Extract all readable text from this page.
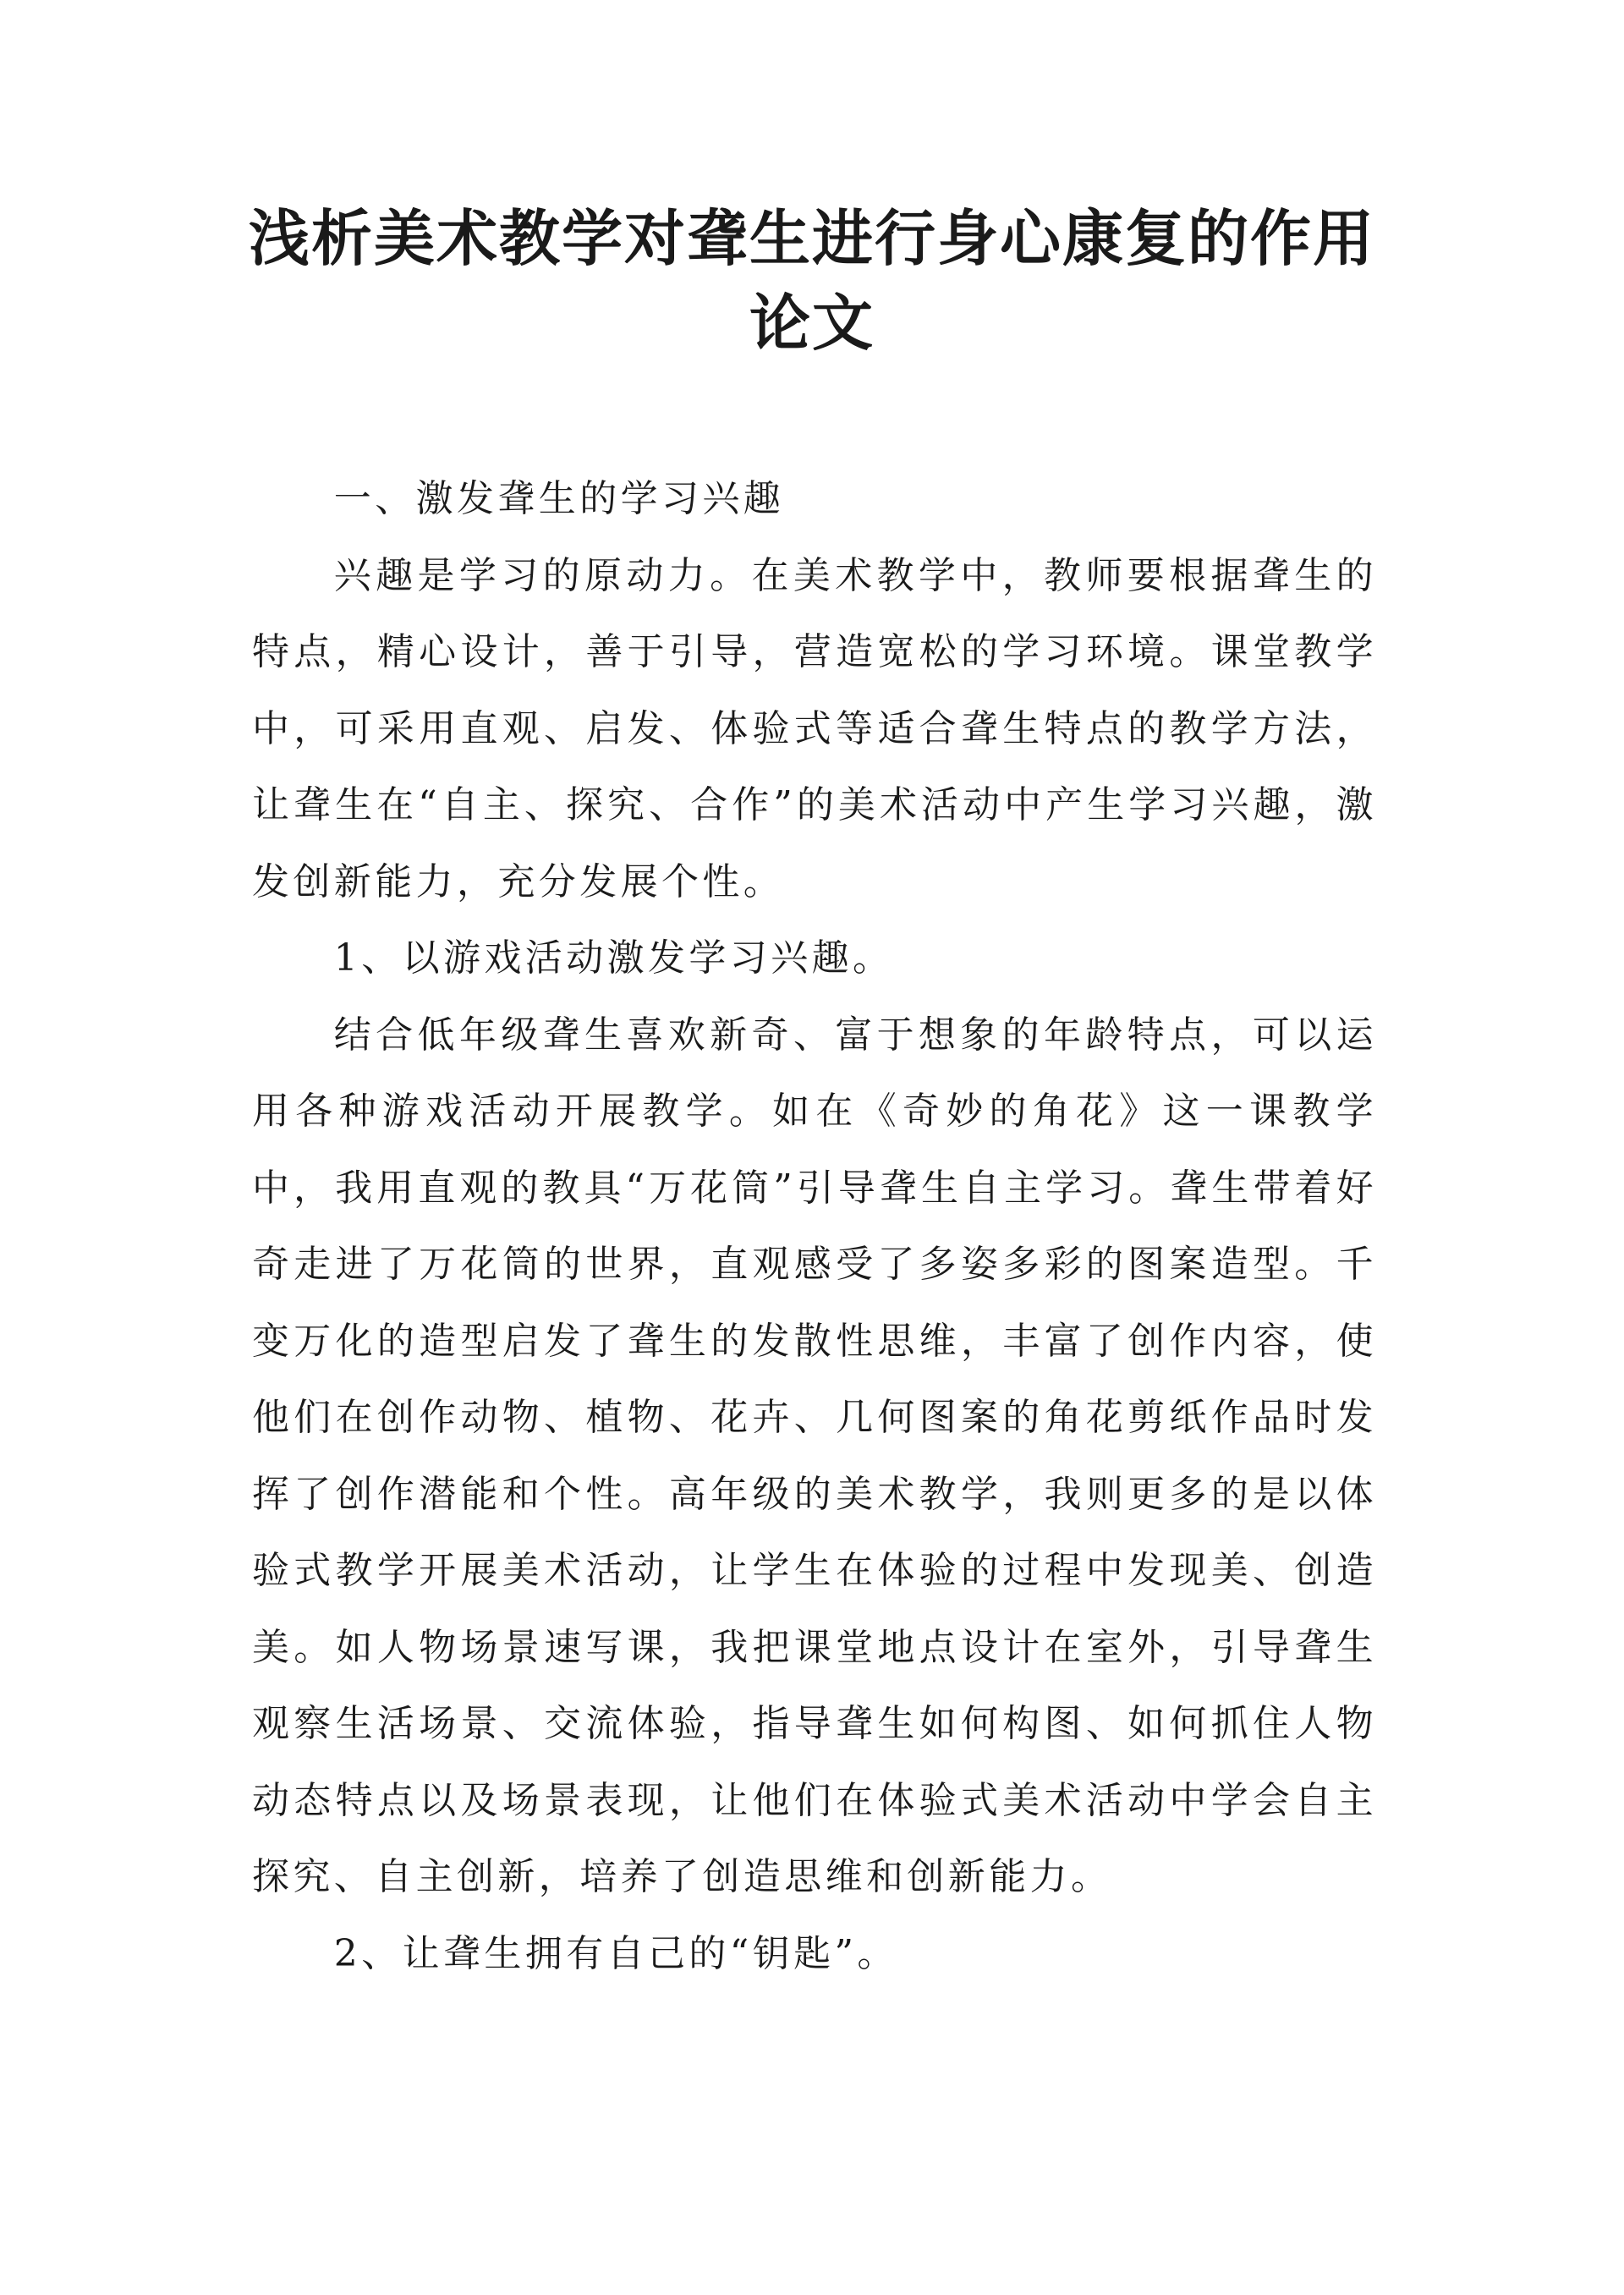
浅析美术教学对聋生进行身心康复的作用
论文

一、激发聋生的学习兴趣

兴趣是学习的原动力。在美术教学中，教师要根据聋生的特点，精心设计，善于引导，营造宽松的学习环境。课堂教学中，可采用直观、启发、体验式等适合聋生特点的教学方法，让聋生在“自主、探究、合作”的美术活动中产生学习兴趣，激发创新能力，充分发展个性。

1、以游戏活动激发学习兴趣。

结合低年级聋生喜欢新奇、富于想象的年龄特点，可以运用各种游戏活动开展教学。如在《奇妙的角花》这一课教学中，我用直观的教具“万花筒”引导聋生自主学习。聋生带着好奇走进了万花筒的世界，直观感受了多姿多彩的图案造型。千变万化的造型启发了聋生的发散性思维，丰富了创作内容，使他们在创作动物、植物、花卉、几何图案的角花剪纸作品时发挥了创作潜能和个性。高年级的美术教学，我则更多的是以体验式教学开展美术活动，让学生在体验的过程中发现美、创造美。如人物场景速写课，我把课堂地点设计在室外，引导聋生观察生活场景、交流体验，指导聋生如何构图、如何抓住人物动态特点以及场景表现，让他们在体验式美术活动中学会自主探究、自主创新，培养了创造思维和创新能力。

2、让聋生拥有自己的“钥匙”。
